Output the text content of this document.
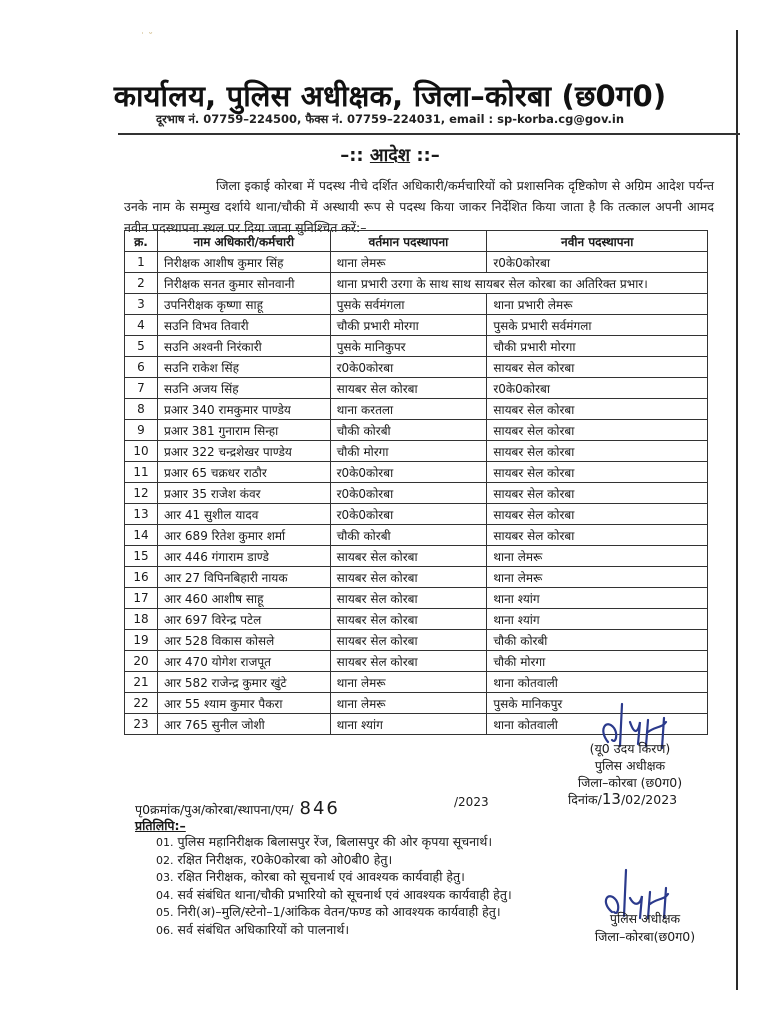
˙ ˘
कार्यालय, पुलिस अधीक्षक, जिला–कोरबा (छ0ग0)
दूरभाष नं. 07759–224500, फैक्स नं. 07759–224031, email : sp-korba.cg@gov.in
–:: आदेश ::–
जिला इकाई कोरबा में पदस्थ नीचे दर्शित अधिकारी/कर्मचारियों को प्रशासनिक दृष्टिकोण से अग्रिम आदेश पर्यन्त उनके नाम के सम्मुख दर्शाये थाना/चौकी में अस्थायी रूप से पदस्थ किया जाकर निर्देशित किया जाता है कि तत्काल अपनी आमद नवीन पदस्थापना स्थल पर दिया जाना सुनिश्चित करें:–
क्र.	नाम अधिकारी/कर्मचारी	वर्तमान पदस्थापना	नवीन पदस्थापना
1	निरीक्षक आशीष कुमार सिंह	थाना लेमरू	र0के0कोरबा
2	निरीक्षक सनत कुमार सोनवानी	थाना प्रभारी उरगा के साथ साथ सायबर सेल कोरबा का अतिरिक्त प्रभार।	
3	उपनिरीक्षक कृष्णा साहू	पुसके सर्वमंगला	थाना प्रभारी लेमरू
4	सउनि विभव तिवारी	चौकी प्रभारी मोरगा	पुसके प्रभारी सर्वमंगला
5	सउनि अश्वनी निरंकारी	पुसके मानिकुपर	चौकी प्रभारी मोरगा
6	सउनि राकेश सिंह	र0के0कोरबा	सायबर सेल कोरबा
7	सउनि अजय सिंह	सायबर सेल कोरबा	र0के0कोरबा
8	प्रआर 340 रामकुमार पाण्डेय	थाना करतला	सायबर सेल कोरबा
9	प्रआर 381 गुनाराम सिन्हा	चौकी कोरबी	सायबर सेल कोरबा
10	प्रआर 322 चन्द्रशेखर पाण्डेय	चौकी मोरगा	सायबर सेल कोरबा
11	प्रआर 65 चक्रधर राठौर	र0के0कोरबा	सायबर सेल कोरबा
12	प्रआर 35 राजेश कंवर	र0के0कोरबा	सायबर सेल कोरबा
13	आर 41 सुशील यादव	र0के0कोरबा	सायबर सेल कोरबा
14	आर 689 रितेश कुमार शर्मा	चौकी कोरबी	सायबर सेल कोरबा
15	आर 446 गंगाराम डाण्डे	सायबर सेल कोरबा	थाना लेमरू
16	आर 27 विपिनबिहारी नायक	सायबर सेल कोरबा	थाना लेमरू
17	आर 460 आशीष साहू	सायबर सेल कोरबा	थाना श्यांग
18	आर 697 विरेन्द्र पटेल	सायबर सेल कोरबा	थाना श्यांग
19	आर 528 विकास कोसले	सायबर सेल कोरबा	चौकी कोरबी
20	आर 470 योगेश राजपूत	सायबर सेल कोरबा	चौकी मोरगा
21	आर 582 राजेन्द्र कुमार खुंटे	थाना लेमरू	थाना कोतवाली
22	आर 55 श्याम कुमार पैकरा	थाना लेमरू	पुसके मानिकपुर
23	आर 765 सुनील जोशी	थाना श्यांग	थाना कोतवाली
(यू0 उदय किरण)
पुलिस अधीक्षक
जिला–कोरबा (छ0ग0)
दिनांक/13/02/2023
पृ0क्रमांक/पुअ/कोरबा/स्थापना/एम/ 846	/2023
प्रतिलिपि:–
01. पुलिस महानिरीक्षक बिलासपुर रेंज, बिलासपुर की ओर कृपया सूचनार्थ।
02. रक्षित निरीक्षक, र0के0कोरबा को ओ0बी0 हेतु।
03. रक्षित निरीक्षक, कोरबा को सूचनार्थ एवं आवश्यक कार्यवाही हेतु।
04. सर्व संबंधित थाना/चौकी प्रभारियो को सूचनार्थ एवं आवश्यक कार्यवाही हेतु।
05. निरी(अ)–मुलि/स्टेनो–1/आंकिक वेतन/फण्ड को आवश्यक कार्यवाही हेतु।
06. सर्व संबंधित अधिकारियों को पालनार्थ।
पुलिस अधीक्षक
जिला–कोरबा(छ0ग0)
